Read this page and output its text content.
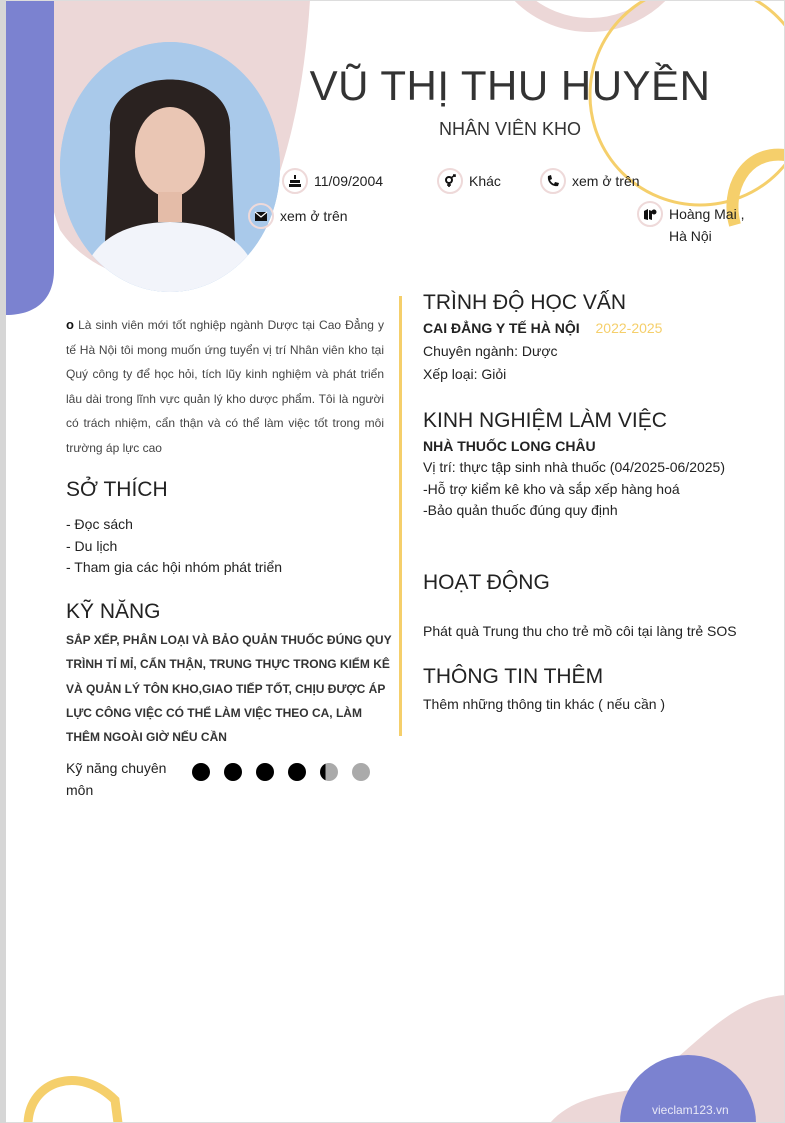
VŨ THỊ THU HUYỀN
NHÂN VIÊN KHO
11/09/2004	Khác	xem ở trên
xem ở trên	Hoàng Mai ,
Hà Nội
o Là sinh viên mới tốt nghiệp ngành Dược tại Cao Đẳng y tế Hà Nội tôi mong muốn ứng tuyển vị trí Nhân viên kho tại Quý công ty để học hỏi, tích lũy kinh nghiệm và phát triển lâu dài trong lĩnh vực quản lý kho dược phẩm. Tôi là người có trách nhiệm, cẩn thận và có thể làm việc tốt trong môi trường áp lực cao
SỞ THÍCH
- Đọc sách
- Du lịch
- Tham gia các hội nhóm phát triển
KỸ NĂNG
SẮP XẾP, PHÂN LOẠI VÀ BẢO QUẢN THUỐC ĐÚNG QUY TRÌNH TỈ MỈ, CẨN THẬN, TRUNG THỰC TRONG KIỂM KÊ VÀ QUẢN LÝ TÔN KHO,GIAO TIẾP TỐT, CHỊU ĐƯỢC ÁP LỰC CÔNG VIỆC CÓ THỂ LÀM VIỆC THEO CA, LÀM THÊM NGOÀI GIỜ NẾU CẦN
Kỹ năng chuyên môn
TRÌNH ĐỘ HỌC VẤN
CAI ĐẲNG Y TẾ HÀ NỘI 2022-2025
Chuyên ngành: Dược
Xếp loại: Giỏi
KINH NGHIỆM LÀM VIỆC
NHÀ THUỐC LONG CHÂU
Vị trí: thực tập sinh nhà thuốc (04/2025-06/2025)
-Hỗ trợ kiểm kê kho và sắp xếp hàng hoá
-Bảo quản thuốc đúng quy định
HOẠT ĐỘNG
Phát quà Trung thu cho trẻ mồ côi tại làng trẻ SOS
THÔNG TIN THÊM
Thêm những thông tin khác ( nếu cần )
vieclam123.vn
